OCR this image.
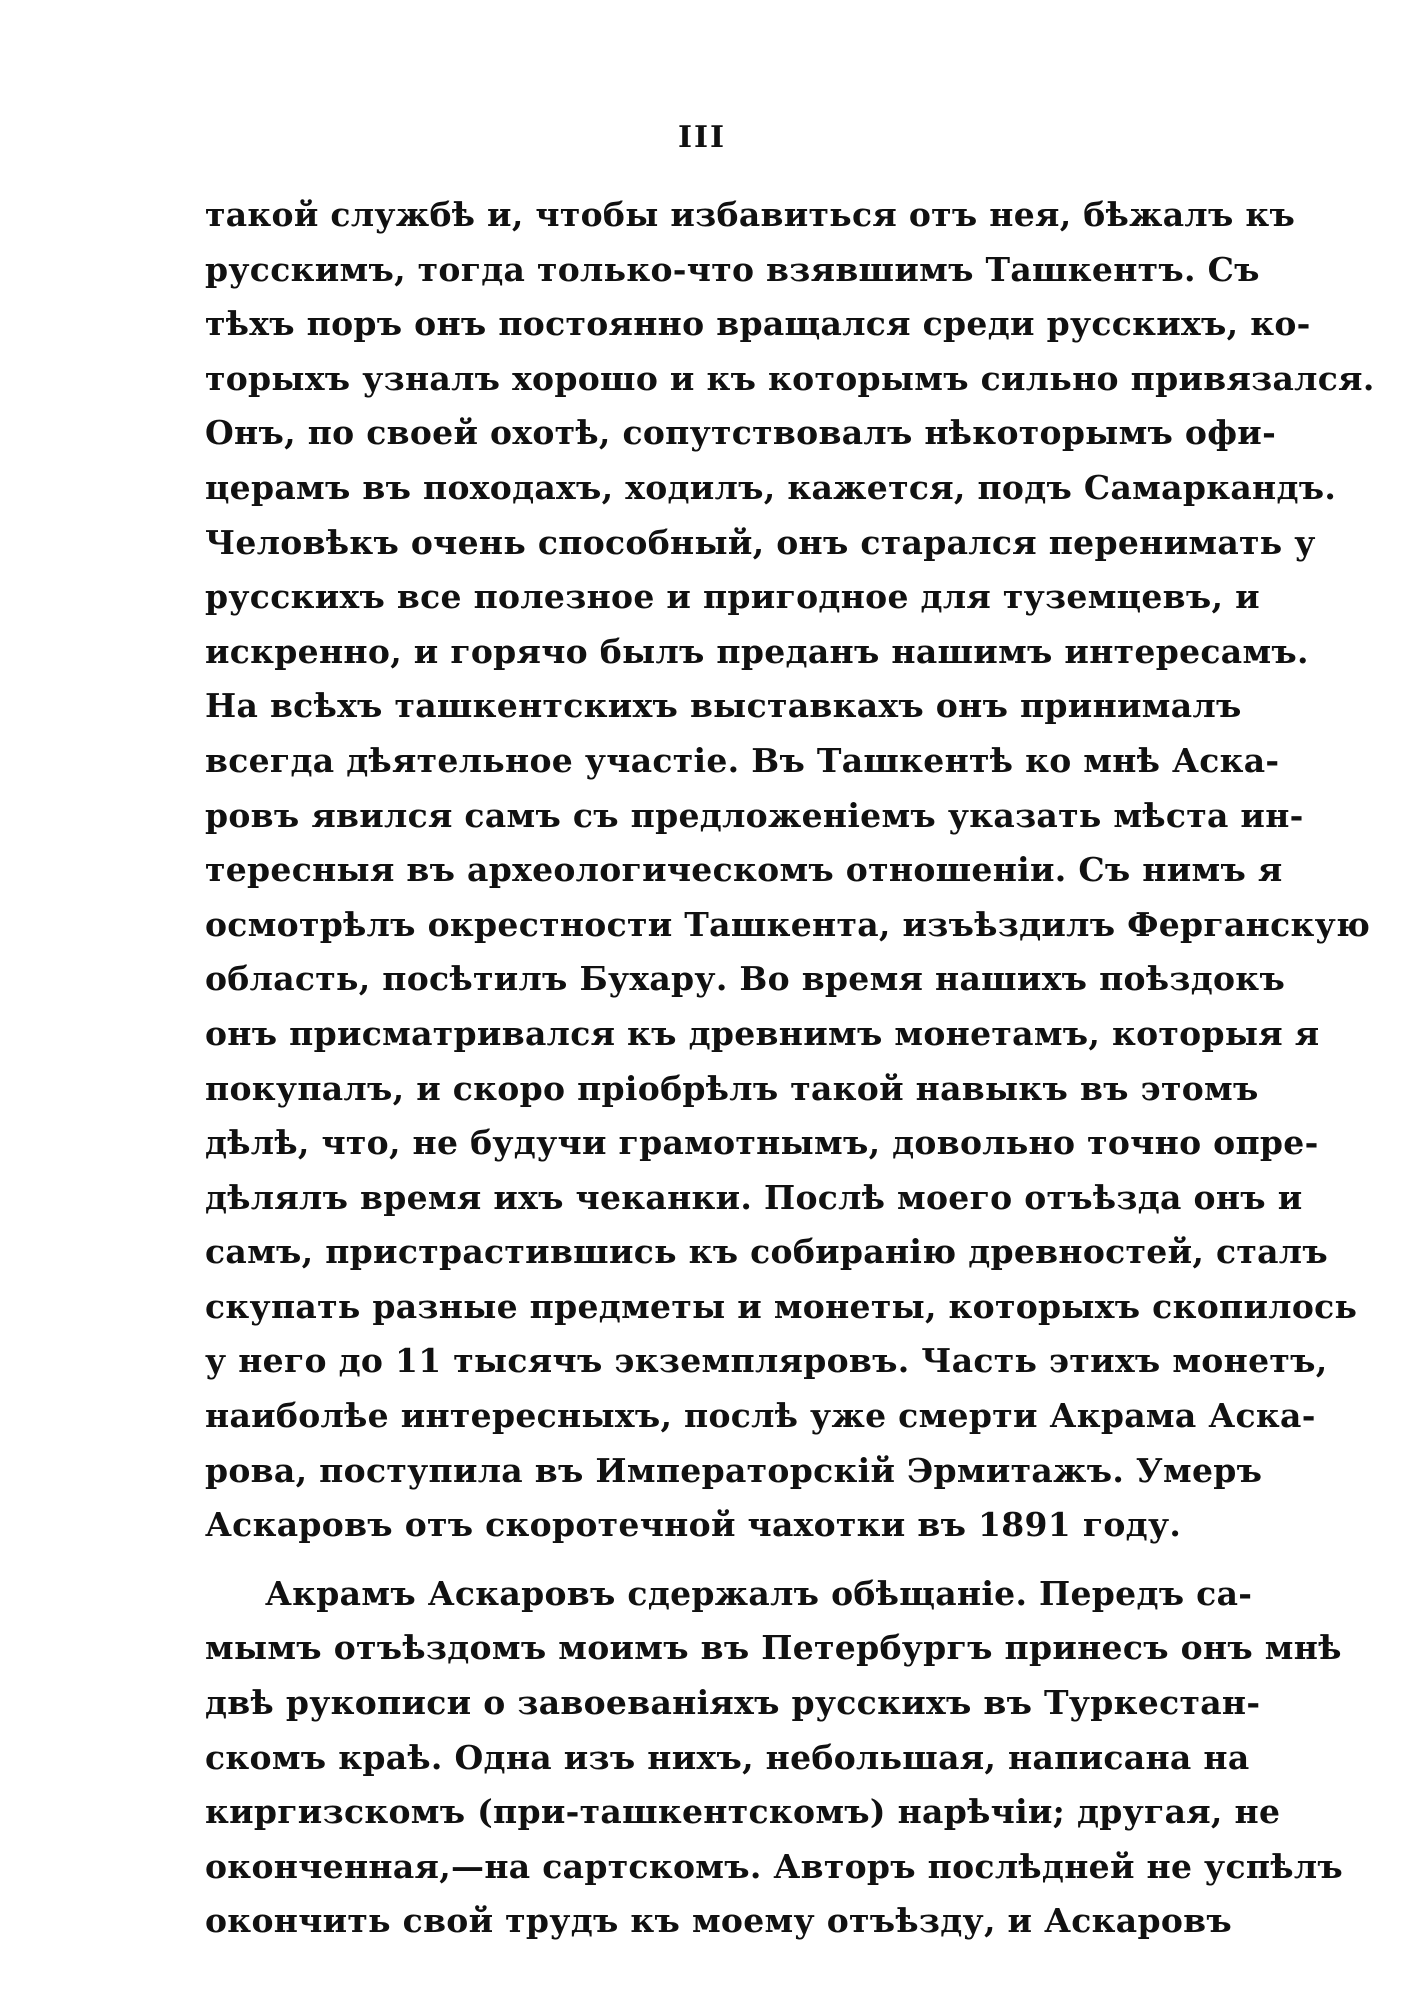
III
такой службѣ и, чтобы избавиться отъ нея, бѣжалъ къ
русскимъ, тогда только-что взявшимъ Ташкентъ. Съ
тѣхъ поръ онъ постоянно вращался среди русскихъ, ко-
торыхъ узналъ хорошо и къ которымъ сильно привязался.
Онъ, по своей охотѣ, сопутствовалъ нѣкоторымъ офи-
церамъ въ походахъ, ходилъ, кажется, подъ Самаркандъ.
Человѣкъ очень способный, онъ старался перенимать у
русскихъ все полезное и пригодное для туземцевъ, и
искренно, и горячо былъ преданъ нашимъ интересамъ.
На всѣхъ ташкентскихъ выставкахъ онъ принималъ
всегда дѣятельное участіе. Въ Ташкентѣ ко мнѣ Аска-
ровъ явился самъ съ предложеніемъ указать мѣста ин-
тересныя въ археологическомъ отношеніи. Съ нимъ я
осмотрѣлъ окрестности Ташкента, изъѣздилъ Ферганскую
область, посѣтилъ Бухару. Во время нашихъ поѣздокъ
онъ присматривался къ древнимъ монетамъ, которыя я
покупалъ, и скоро пріобрѣлъ такой навыкъ въ этомъ
дѣлѣ, что, не будучи грамотнымъ, довольно точно опре-
дѣлялъ время ихъ чеканки. Послѣ моего отъѣзда онъ и
самъ, пристрастившись къ собиранію древностей, сталъ
скупать разные предметы и монеты, которыхъ скопилось
у него до 11 тысячъ экземпляровъ. Часть этихъ монетъ,
наиболѣе интересныхъ, послѣ уже смерти Акрама Аска-
рова, поступила въ Императорскій Эрмитажъ. Умеръ
Аскаровъ отъ скоротечной чахотки въ 1891 году.
Акрамъ Аскаровъ сдержалъ обѣщаніе. Передъ са-
мымъ отъѣздомъ моимъ въ Петербургъ принесъ онъ мнѣ
двѣ рукописи о завоеваніяхъ русскихъ въ Туркестан-
скомъ краѣ. Одна изъ нихъ, небольшая, написана на
киргизскомъ (при-ташкентскомъ) нарѣчіи; другая, не
оконченная,—на сартскомъ. Авторъ послѣдней не успѣлъ
окончить свой трудъ къ моему отъѣзду, и Аскаровъ
